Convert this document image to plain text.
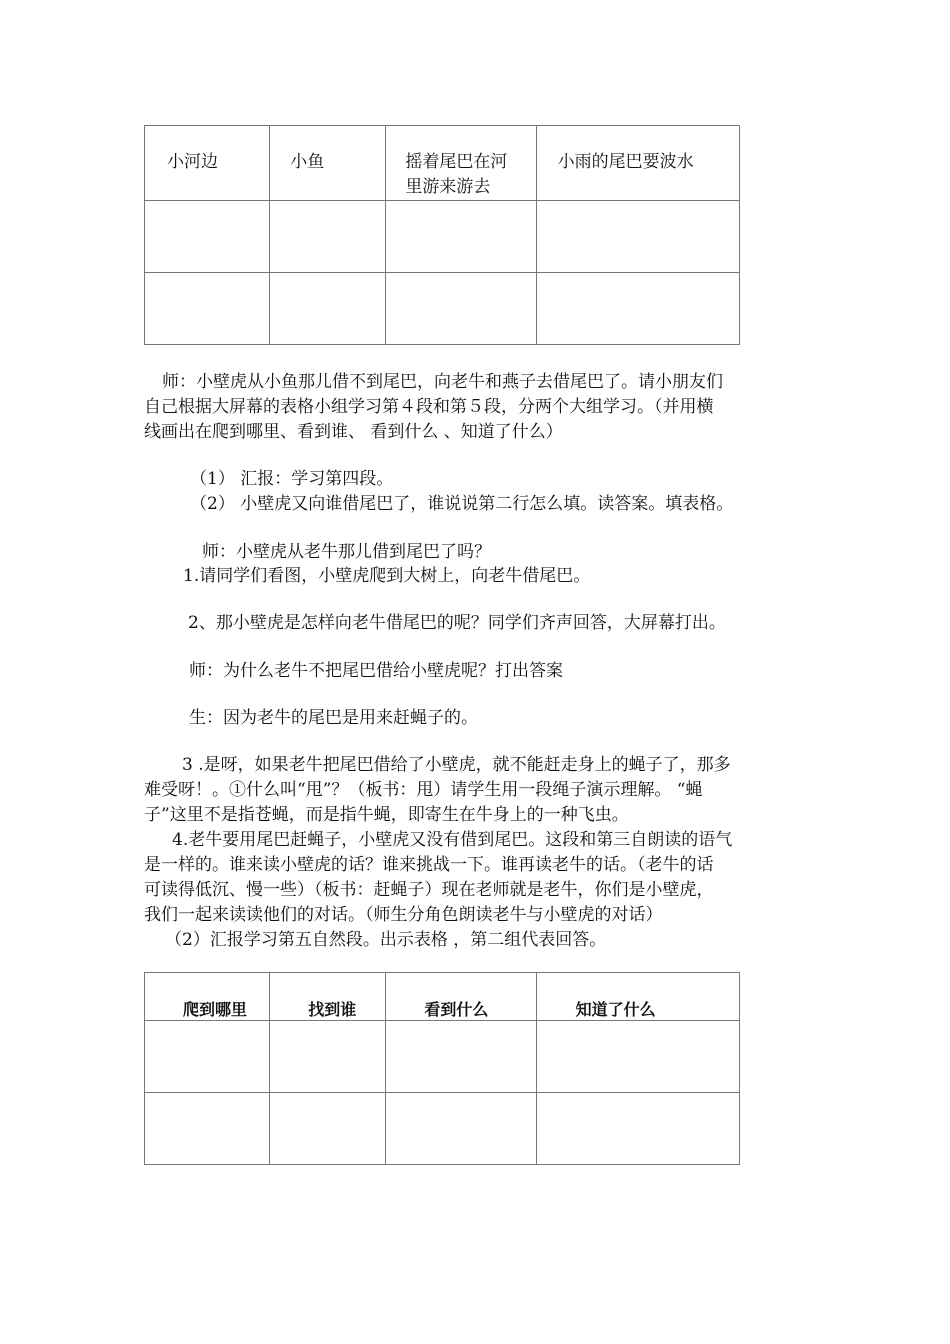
小河边	小鱼	摇着尾巴在河
里游来游去	小雨的尾巴要波水

师：小壁虎从小鱼那儿借不到尾巴，向老牛和燕子去借尾巴了。请小朋友们

自己根据大屏幕的表格小组学习第４段和第５段，分两个大组学习。（并用横

线画出在爬到哪里、看到谁、 看到什么 、知道了什么）

（1） 汇报：学习第四段。

（2） 小壁虎又向谁借尾巴了，谁说说第二行怎么填。读答案。填表格。

师：小壁虎从老牛那儿借到尾巴了吗？

1.请同学们看图，小壁虎爬到大树上，向老牛借尾巴。

2、那小壁虎是怎样向老牛借尾巴的呢？同学们齐声回答，大屏幕打出。

师：为什么老牛不把尾巴借给小壁虎呢？打出答案

生：因为老牛的尾巴是用来赶蝇子的。

3 .是呀，如果老牛把尾巴借给了小壁虎，就不能赶走身上的蝇子了，那多

难受呀！。①什么叫“甩”？（板书：甩）请学生用一段绳子演示理解。 “蝇

子”这里不是指苍蝇，而是指牛蝇，即寄生在牛身上的一种飞虫。

4.老牛要用尾巴赶蝇子，小壁虎又没有借到尾巴。这段和第三自朗读的语气

是一样的。谁来读小壁虎的话？谁来挑战一下。谁再读老牛的话。（老牛的话

可读得低沉、慢一些）（板书：赶蝇子）现在老师就是老牛，你们是小壁虎，

我们一起来读读他们的对话。（师生分角色朗读老牛与小壁虎的对话）

（2）汇报学习第五自然段。出示表格 ，第二组代表回答。

爬到哪里	找到谁	看到什么	知道了什么
